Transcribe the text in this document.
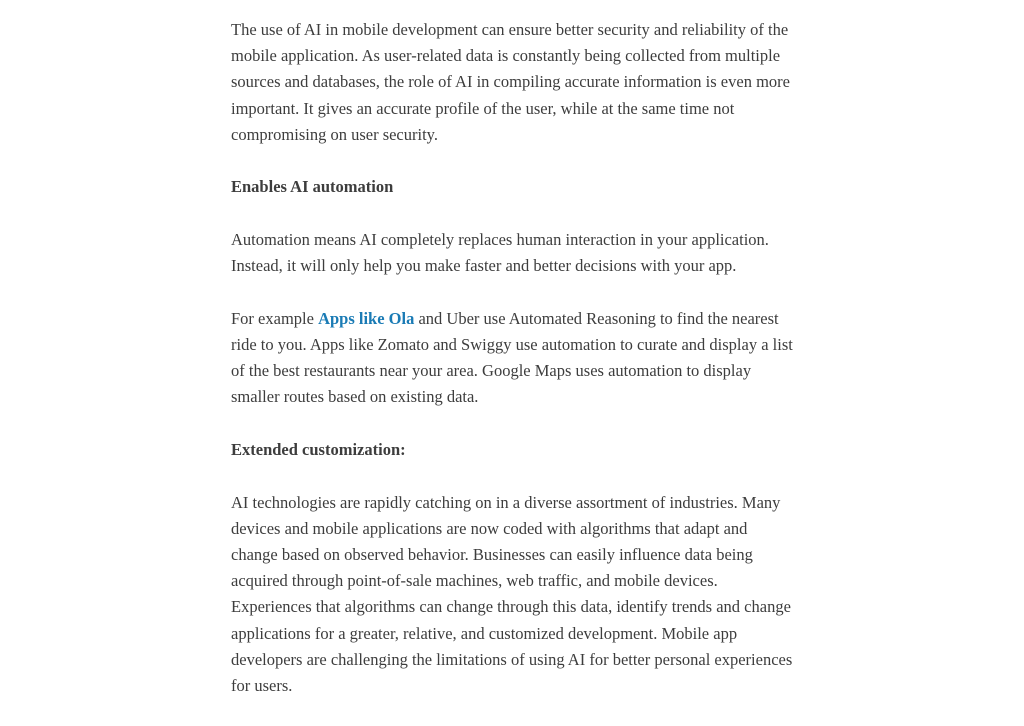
The use of AI in mobile development can ensure better security and reliability of the mobile application. As user-related data is constantly being collected from multiple sources and databases, the role of AI in compiling accurate information is even more important. It gives an accurate profile of the user, while at the same time not compromising on user security.

Enables AI automation

Automation means AI completely replaces human interaction in your application. Instead, it will only help you make faster and better decisions with your app.

For example Apps like Ola and Uber use Automated Reasoning to find the nearest ride to you. Apps like Zomato and Swiggy use automation to curate and display a list of the best restaurants near your area. Google Maps uses automation to display smaller routes based on existing data.

Extended customization:

AI technologies are rapidly catching on in a diverse assortment of industries. Many devices and mobile applications are now coded with algorithms that adapt and change based on observed behavior. Businesses can easily influence data being acquired through point-of-sale machines, web traffic, and mobile devices. Experiences that algorithms can change through this data, identify trends and change applications for a greater, relative, and customized development. Mobile app developers are challenging the limitations of using AI for better personal experiences for users.
